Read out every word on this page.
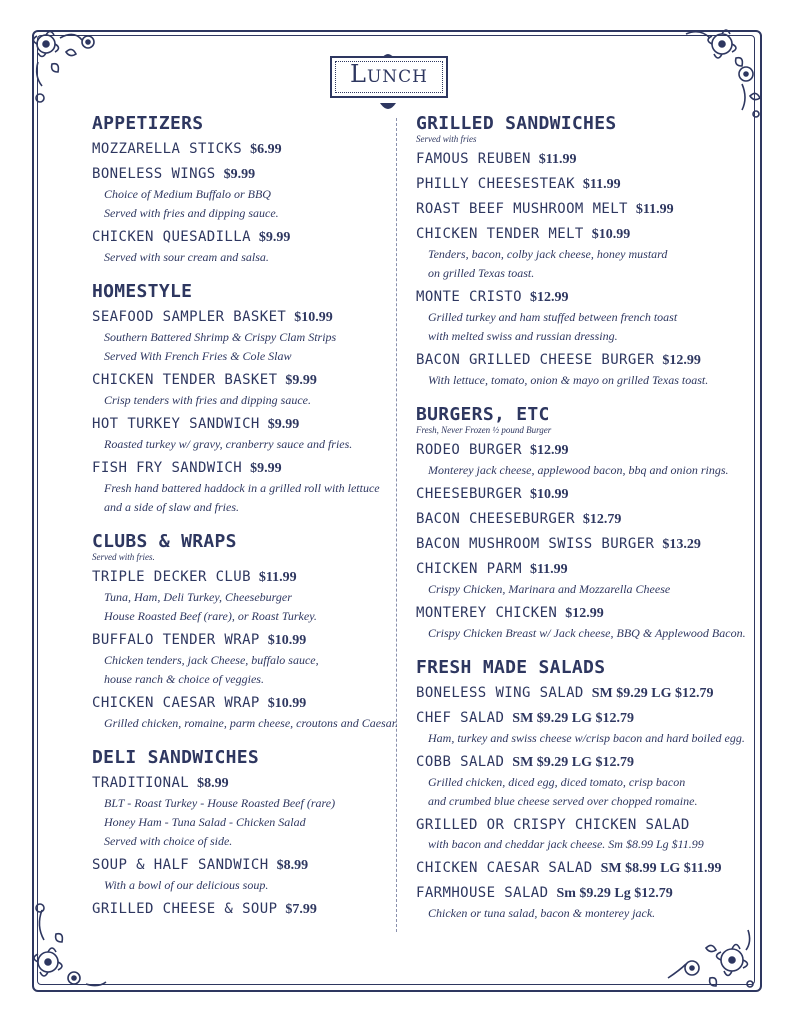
Lunch
APPETIZERS
MOZZARELLA STICKS $6.99
BONELESS WINGS $9.99
Choice of Medium Buffalo or BBQ
Served with fries and dipping sauce.
CHICKEN QUESADILLA $9.99
Served with sour cream and salsa.
HOMESTYLE
SEAFOOD SAMPLER BASKET $10.99
Southern Battered Shrimp & Crispy Clam Strips
Served With French Fries & Cole Slaw
CHICKEN TENDER BASKET $9.99
Crisp tenders with fries and dipping sauce.
HOT TURKEY SANDWICH $9.99
Roasted turkey w/ gravy, cranberry sauce and fries.
FISH FRY SANDWICH $9.99
Fresh hand battered haddock in a grilled roll with lettuce
and a side of slaw and fries.
CLUBS & WRAPS
Served with fries.
TRIPLE DECKER CLUB $11.99
Tuna, Ham, Deli Turkey, Cheeseburger
House Roasted Beef (rare), or Roast Turkey.
BUFFALO TENDER WRAP $10.99
Chicken tenders, jack Cheese, buffalo sauce,
house ranch & choice of veggies.
CHICKEN CAESAR WRAP $10.99
Grilled chicken, romaine, parm cheese, croutons and Caesar.
DELI SANDWICHES
TRADITIONAL $8.99
BLT - Roast Turkey - House Roasted Beef (rare)
Honey Ham - Tuna Salad - Chicken Salad
Served with choice of side.
SOUP & HALF SANDWICH $8.99
With a bowl of our delicious soup.
GRILLED CHEESE & SOUP $7.99
GRILLED SANDWICHES
Served with fries
FAMOUS REUBEN $11.99
PHILLY CHEESESTEAK $11.99
ROAST BEEF MUSHROOM MELT $11.99
CHICKEN TENDER MELT $10.99
Tenders, bacon, colby jack cheese, honey mustard
on grilled Texas toast.
MONTE CRISTO $12.99
Grilled turkey and ham stuffed between french toast
with melted swiss and russian dressing.
BACON GRILLED CHEESE BURGER $12.99
With lettuce, tomato, onion & mayo on grilled Texas toast.
BURGERS, ETC
Fresh, Never Frozen ½ pound Burger
RODEO BURGER $12.99
Monterey jack cheese, applewood bacon, bbq and onion rings.
CHEESEBURGER $10.99
BACON CHEESEBURGER $12.79
BACON MUSHROOM SWISS BURGER $13.29
CHICKEN PARM $11.99
Crispy Chicken, Marinara and Mozzarella Cheese
MONTEREY CHICKEN $12.99
Crispy Chicken Breast w/ Jack cheese, BBQ & Applewood Bacon.
FRESH MADE SALADS
BONELESS WING SALAD SM $9.29 LG $12.79
CHEF SALAD SM $9.29 LG $12.79
Ham, turkey and swiss cheese w/crisp bacon and hard boiled egg.
COBB SALAD SM $9.29 LG $12.79
Grilled chicken, diced egg, diced tomato, crisp bacon
and crumbed blue cheese served over chopped romaine.
GRILLED OR CRISPY CHICKEN SALAD
with bacon and cheddar jack cheese. Sm $8.99 Lg $11.99
CHICKEN CAESAR SALAD SM $8.99 LG $11.99
FARMHOUSE SALAD Sm $9.29 Lg $12.79
Chicken or tuna salad, bacon & monterey jack.
